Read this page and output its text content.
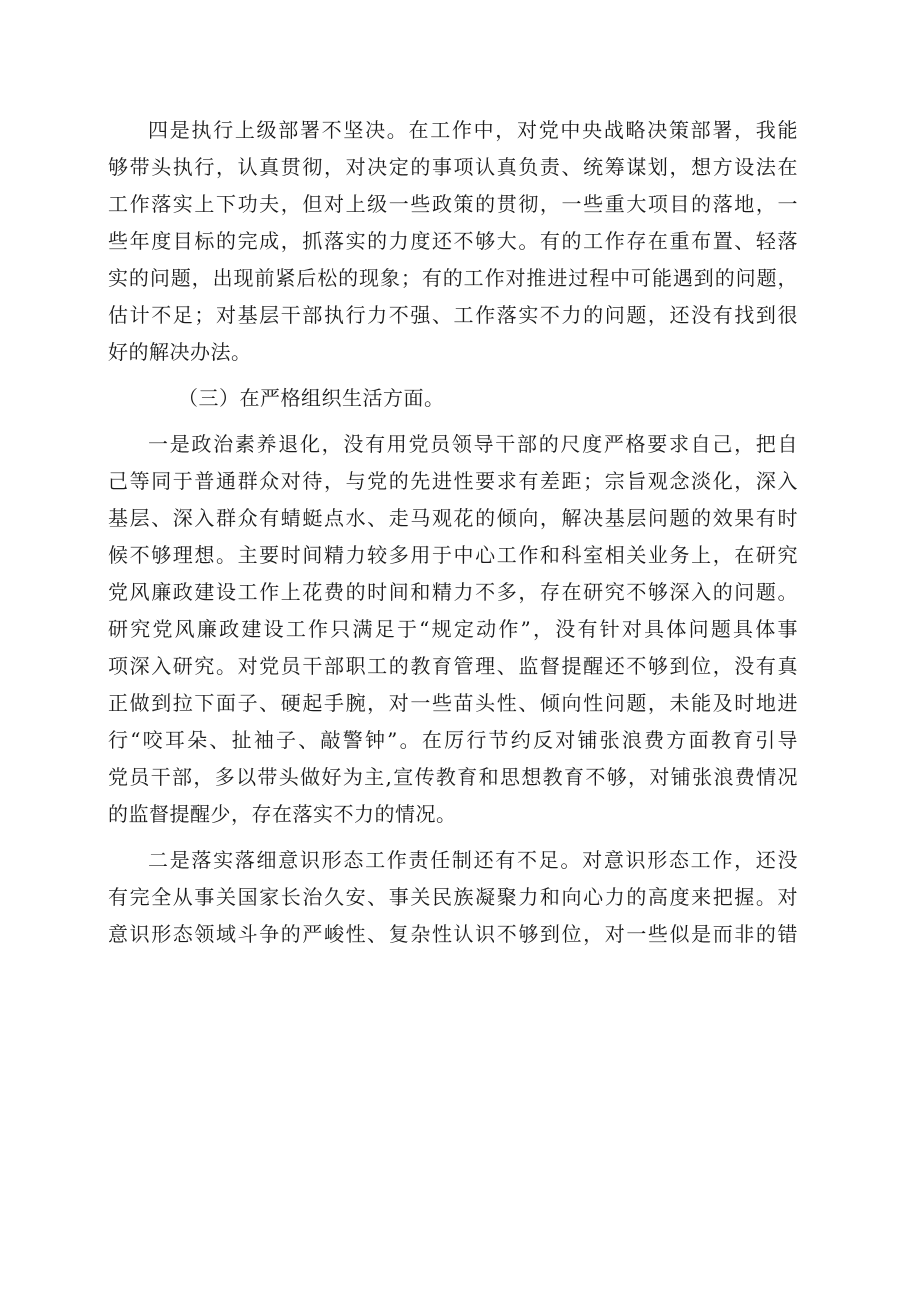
四是执行上级部署不坚决。在工作中，对党中央战略决策部署，我能
够带头执行，认真贯彻，对决定的事项认真负责、统筹谋划，想方设法在
工作落实上下功夫，但对上级一些政策的贯彻，一些重大项目的落地，一
些年度目标的完成，抓落实的力度还不够大。有的工作存在重布置、轻落
实的问题，出现前紧后松的现象；有的工作对推进过程中可能遇到的问题，
估计不足；对基层干部执行力不强、工作落实不力的问题，还没有找到很
好的解决办法。
（三）在严格组织生活方面。
一是政治素养退化，没有用党员领导干部的尺度严格要求自己，把自
己等同于普通群众对待，与党的先进性要求有差距；宗旨观念淡化，深入
基层、深入群众有蜻蜓点水、走马观花的倾向，解决基层问题的效果有时
候不够理想。主要时间精力较多用于中心工作和科室相关业务上，在研究
党风廉政建设工作上花费的时间和精力不多，存在研究不够深入的问题。
研究党风廉政建设工作只满足于“规定动作”，没有针对具体问题具体事
项深入研究。对党员干部职工的教育管理、监督提醒还不够到位，没有真
正做到拉下面子、硬起手腕，对一些苗头性、倾向性问题，未能及时地进
行“咬耳朵、扯袖子、敲警钟”。在厉行节约反对铺张浪费方面教育引导
党员干部，多以带头做好为主,宣传教育和思想教育不够，对铺张浪费情况
的监督提醒少，存在落实不力的情况。
二是落实落细意识形态工作责任制还有不足。对意识形态工作，还没
有完全从事关国家长治久安、事关民族凝聚力和向心力的高度来把握。对
意识形态领域斗争的严峻性、复杂性认识不够到位，对一些似是而非的错
